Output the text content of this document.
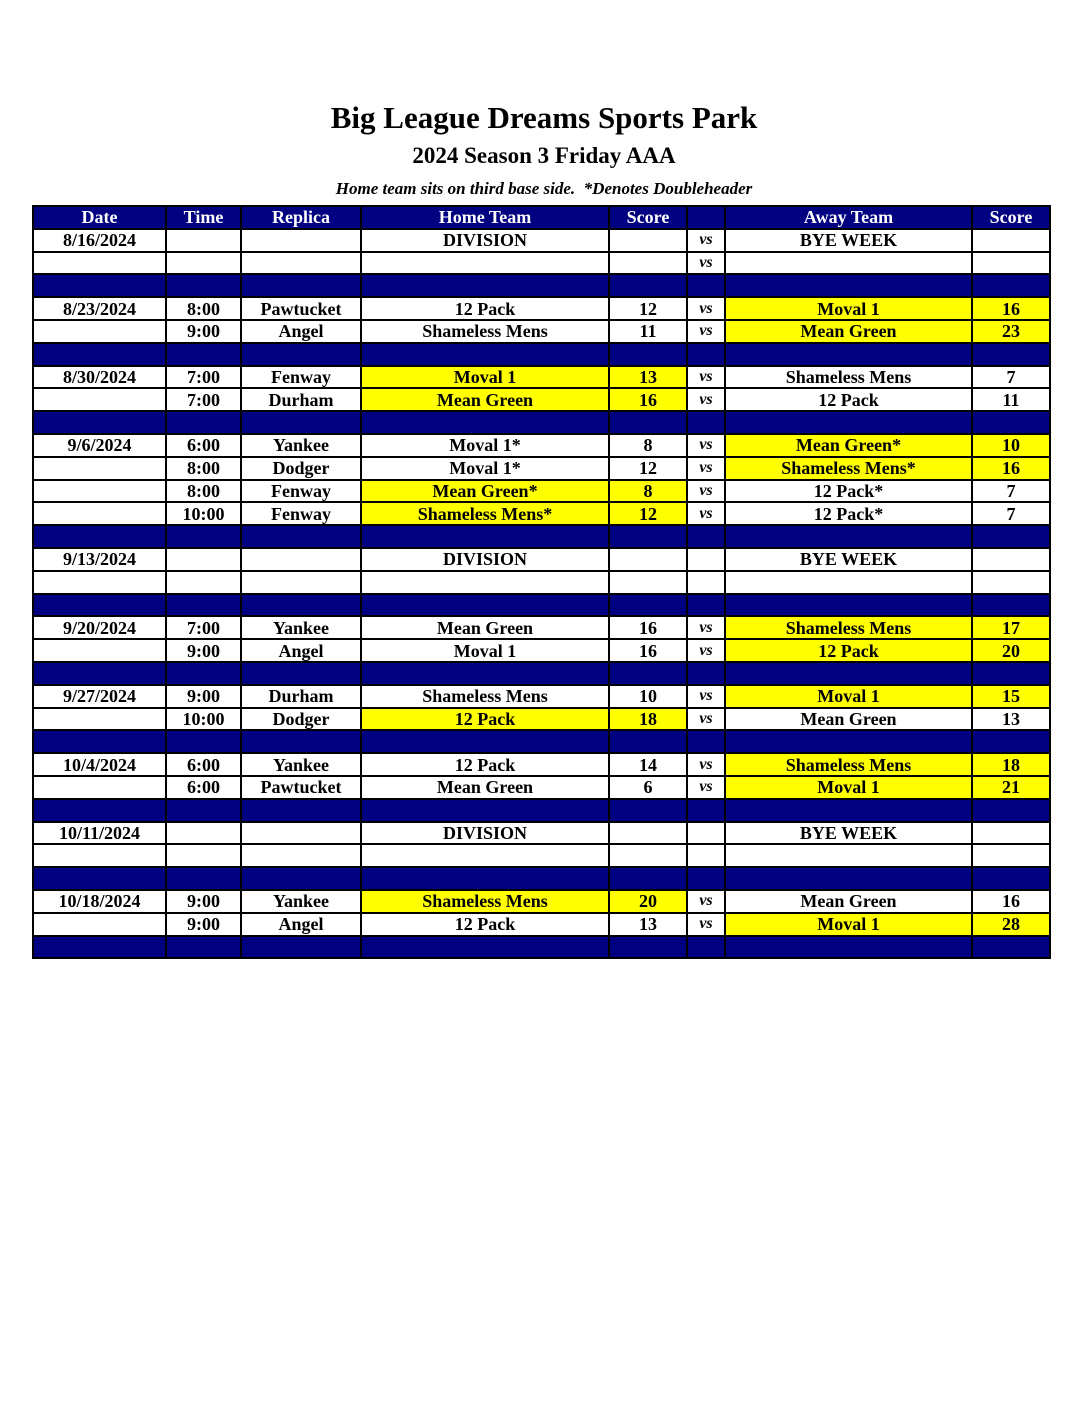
Big League Dreams Sports Park
2024 Season 3 Friday AAA
Home team sits on third base side.  *Denotes Doubleheader
Date	Time	Replica	Home Team	Score		Away Team	Score
8/16/2024			DIVISION		vs	BYE WEEK	
					vs		

8/23/2024	8:00	Pawtucket	12 Pack	12	vs	Moval 1	16
	9:00	Angel	Shameless Mens	11	vs	Mean Green	23

8/30/2024	7:00	Fenway	Moval 1	13	vs	Shameless Mens	7
	7:00	Durham	Mean Green	16	vs	12 Pack	11

9/6/2024	6:00	Yankee	Moval 1*	8	vs	Mean Green*	10
	8:00	Dodger	Moval 1*	12	vs	Shameless Mens*	16
	8:00	Fenway	Mean Green*	8	vs	12 Pack*	7
	10:00	Fenway	Shameless Mens*	12	vs	12 Pack*	7

9/13/2024			DIVISION			BYE WEEK	

9/20/2024	7:00	Yankee	Mean Green	16	vs	Shameless Mens	17
	9:00	Angel	Moval 1	16	vs	12 Pack	20

9/27/2024	9:00	Durham	Shameless Mens	10	vs	Moval 1	15
	10:00	Dodger	12 Pack	18	vs	Mean Green	13

10/4/2024	6:00	Yankee	12 Pack	14	vs	Shameless Mens	18
	6:00	Pawtucket	Mean Green	6	vs	Moval 1	21

10/11/2024			DIVISION			BYE WEEK	

10/18/2024	9:00	Yankee	Shameless Mens	20	vs	Mean Green	16
	9:00	Angel	12 Pack	13	vs	Moval 1	28
